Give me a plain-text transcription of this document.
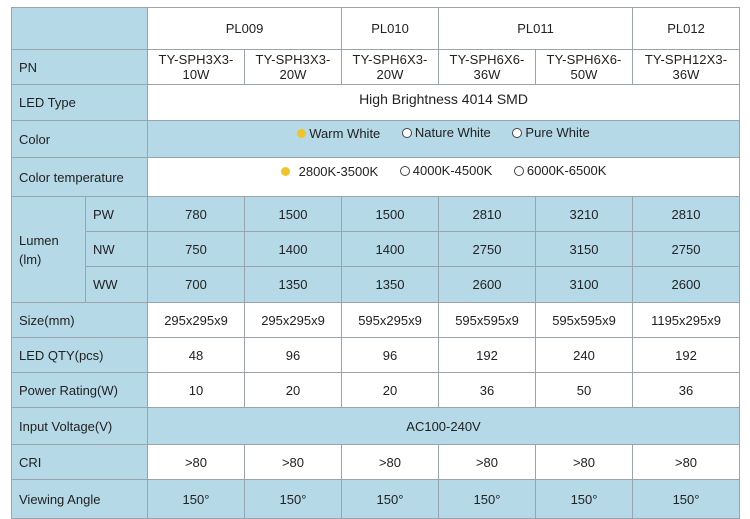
		PL009		PL010	PL011		PL012
PN		TY-SPH3X3-10W	TY-SPH3X3-20W	TY-SPH6X3-20W	TY-SPH6X6-36W	TY-SPH6X6-50W	TY-SPH12X3-36W
LED Type		High Brightness 4014 SMD					
Color		Warm White
Nature White
Pure White					

Color temperature		2800K-3500K
4000K-4500K
6000K-6500K					

Lumen
(lm)	PW	780	1500	1500	2810	3210	2810
	NW	750	1400	1400	2750	3150	2750
	WW	700	1350	1350	2600	3100	2600
Size(mm)		295x295x9	295x295x9	595x295x9	595x595x9	595x595x9	1195x295x9
LED QTY(pcs)		48	96	96	192	240	192
Power Rating(W)		10	20	20	36	50	36
Input Voltage(V)		AC100-240V					
CRI		>80	>80	>80	>80	>80	>80
Viewing Angle		150°	150°	150°	150°	150°	150°
